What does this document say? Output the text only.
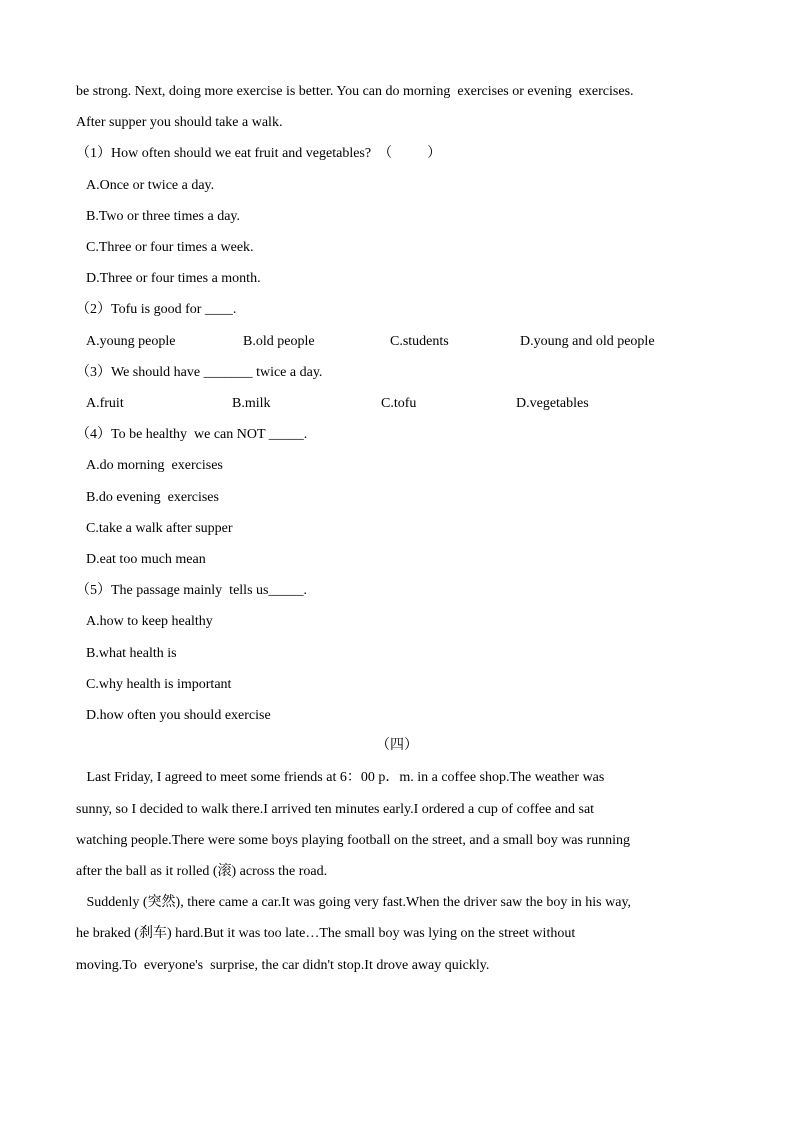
be strong. Next, doing more exercise is better. You can do morning  exercises or evening  exercises.
After supper you should take a walk.
（1）How often should we eat fruit and vegetables?  （          ）
A.Once or twice a day.
B.Two or three times a day.
C.Three or four times a week.
D.Three or four times a month.
（2）Tofu is good for ____.
A.young people	B.old people	C.students	D.young and old people
（3）We should have _______ twice a day.
A.fruit	B.milk	C.tofu	D.vegetables
（4）To be healthy  we can NOT _____.
A.do morning  exercises
B.do evening  exercises
C.take a walk after supper
D.eat too much mean
（5）The passage mainly  tells us_____.
A.how to keep healthy
B.what health is
C.why health is important
D.how often you should exercise
（四）
Last Friday, I agreed to meet some friends at 6：00 p．m. in a coffee shop.The weather was
sunny, so I decided to walk there.I arrived ten minutes early.I ordered a cup of coffee and sat
watching people.There were some boys playing football on the street, and a small boy was running
after the ball as it rolled (滚) across the road.
Suddenly (突然), there came a car.It was going very fast.When the driver saw the boy in his way,
he braked (刹车) hard.But it was too late…The small boy was lying on the street without
moving.To  everyone's  surprise, the car didn't stop.It drove away quickly.
